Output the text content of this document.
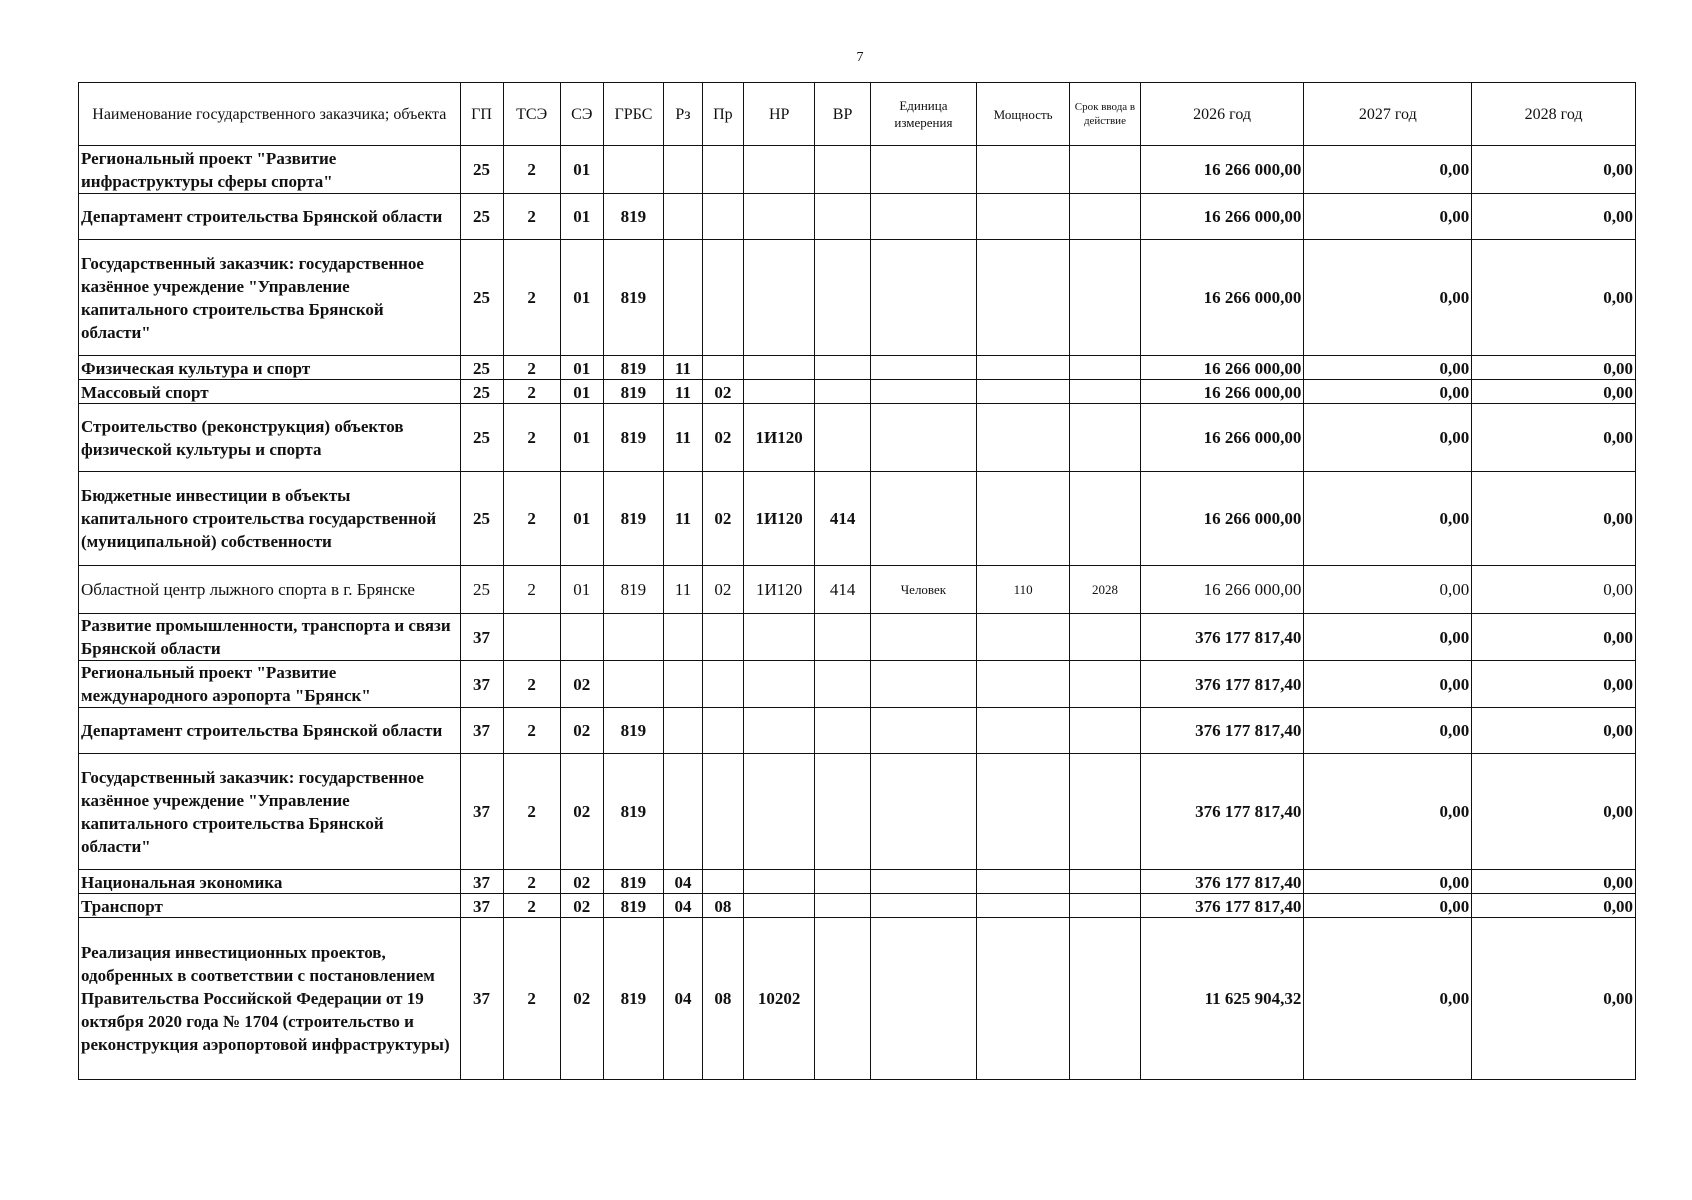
7
Наименование государственного заказчика; объекта	ГП	ТСЭ	СЭ	ГРБС	Рз	Пр	НР	ВР	Единица измерения	Мощность	Срок ввода в действие	2026 год	2027 год	2028 год
Региональный проект "Развитие инфраструктуры сферы спорта"	25	2	01									16 266 000,00	0,00	0,00
Департамент строительства Брянской области	25	2	01	819								16 266 000,00	0,00	0,00
Государственный заказчик: государственное казённое учреждение "Управление капитального строительства Брянской области"	25	2	01	819								16 266 000,00	0,00	0,00
Физическая культура и спорт	25	2	01	819	11							16 266 000,00	0,00	0,00
Массовый спорт	25	2	01	819	11	02						16 266 000,00	0,00	0,00
Строительство (реконструкция) объектов физической культуры и спорта	25	2	01	819	11	02	1И120					16 266 000,00	0,00	0,00
Бюджетные инвестиции в объекты капитального строительства государственной (муниципальной) собственности	25	2	01	819	11	02	1И120	414				16 266 000,00	0,00	0,00
Областной центр лыжного спорта в г. Брянске	25	2	01	819	11	02	1И120	414	Человек	110	2028	16 266 000,00	0,00	0,00
Развитие промышленности, транспорта и связи Брянской области	37											376 177 817,40	0,00	0,00
Региональный проект "Развитие международного аэропорта "Брянск"	37	2	02									376 177 817,40	0,00	0,00
Департамент строительства Брянской области	37	2	02	819								376 177 817,40	0,00	0,00
Государственный заказчик: государственное казённое учреждение "Управление капитального строительства Брянской области"	37	2	02	819								376 177 817,40	0,00	0,00
Национальная экономика	37	2	02	819	04							376 177 817,40	0,00	0,00
Транспорт	37	2	02	819	04	08						376 177 817,40	0,00	0,00
Реализация инвестиционных проектов, одобренных в соответствии с постановлением Правительства Российской Федерации от 19 октября 2020 года № 1704 (строительство и реконструкция аэропортовой инфраструктуры)	37	2	02	819	04	08	10202					11 625 904,32	0,00	0,00
